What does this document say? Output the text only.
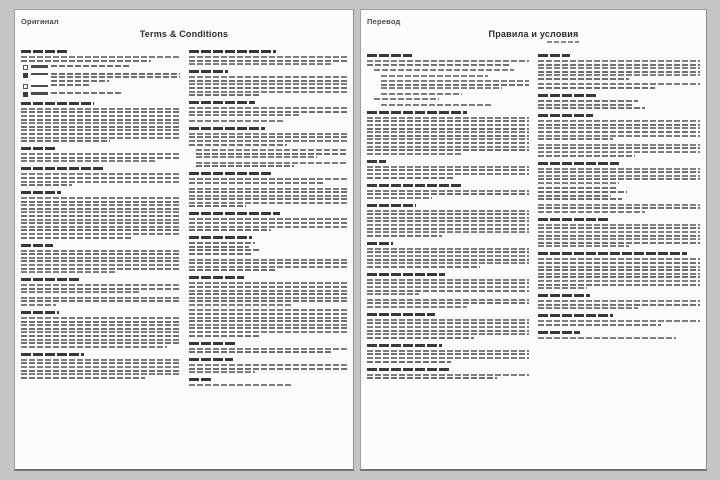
Оригинал
Terms & Conditions
Перевод
Правила и условия
